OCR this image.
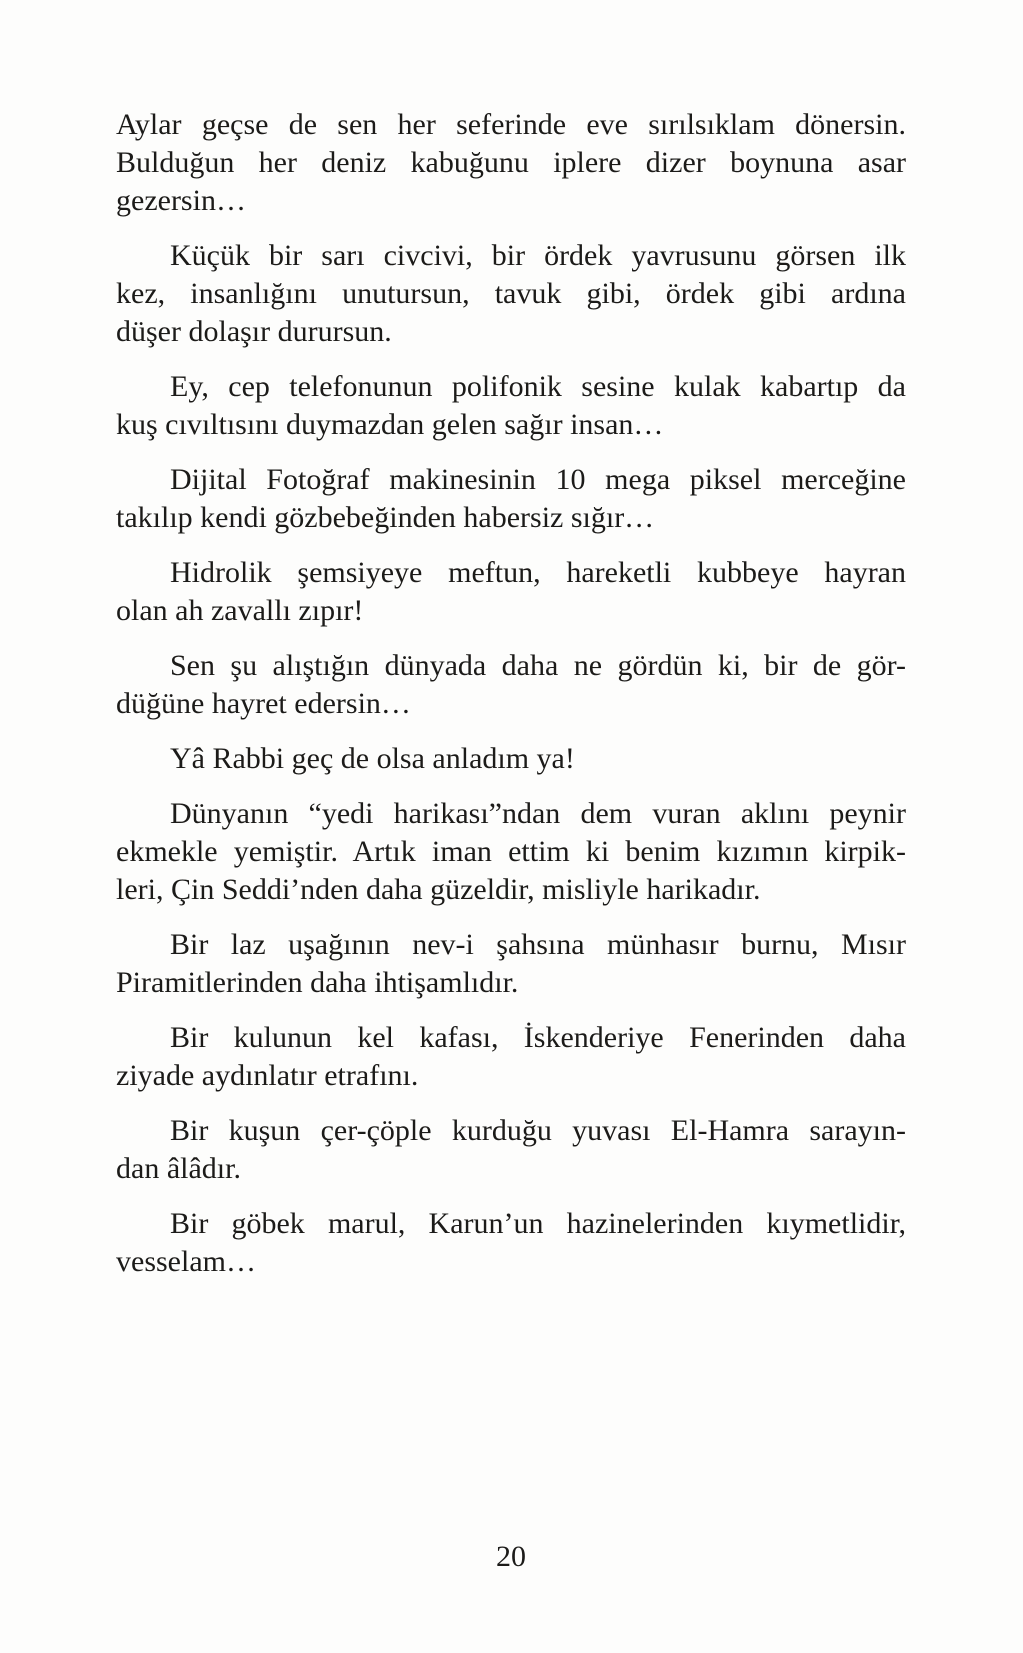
Aylar geçse de sen her seferinde eve sırılsıklam dönersin.
Bulduğun her deniz kabuğunu iplere dizer boynuna asar
gezersin…

Küçük bir sarı civcivi, bir ördek yavrusunu görsen ilk
kez, insanlığını unutursun, tavuk gibi, ördek gibi ardına
düşer dolaşır durursun.

Ey, cep telefonunun polifonik sesine kulak kabartıp da
kuş cıvıltısını duymazdan gelen sağır insan…

Dijital Fotoğraf makinesinin 10 mega piksel merceğine
takılıp kendi gözbebeğinden habersiz sığır…

Hidrolik şemsiyeye meftun, hareketli kubbeye hayran
olan ah zavallı zıpır!

Sen şu alıştığın dünyada daha ne gördün ki, bir de gör-
düğüne hayret edersin…

Yâ Rabbi geç de olsa anladım ya!

Dünyanın “yedi harikası”ndan dem vuran aklını peynir
ekmekle yemiştir. Artık iman ettim ki benim kızımın kirpik-
leri, Çin Seddi’nden daha güzeldir, misliyle harikadır.

Bir laz uşağının nev-i şahsına münhasır burnu, Mısır
Piramitlerinden daha ihtişamlıdır.

Bir kulunun kel kafası, İskenderiye Fenerinden daha
ziyade aydınlatır etrafını.

Bir kuşun çer-çöple kurduğu yuvası El-Hamra sarayın-
dan âlâdır.

Bir göbek marul, Karun’un hazinelerinden kıymetlidir,
vesselam…

20
